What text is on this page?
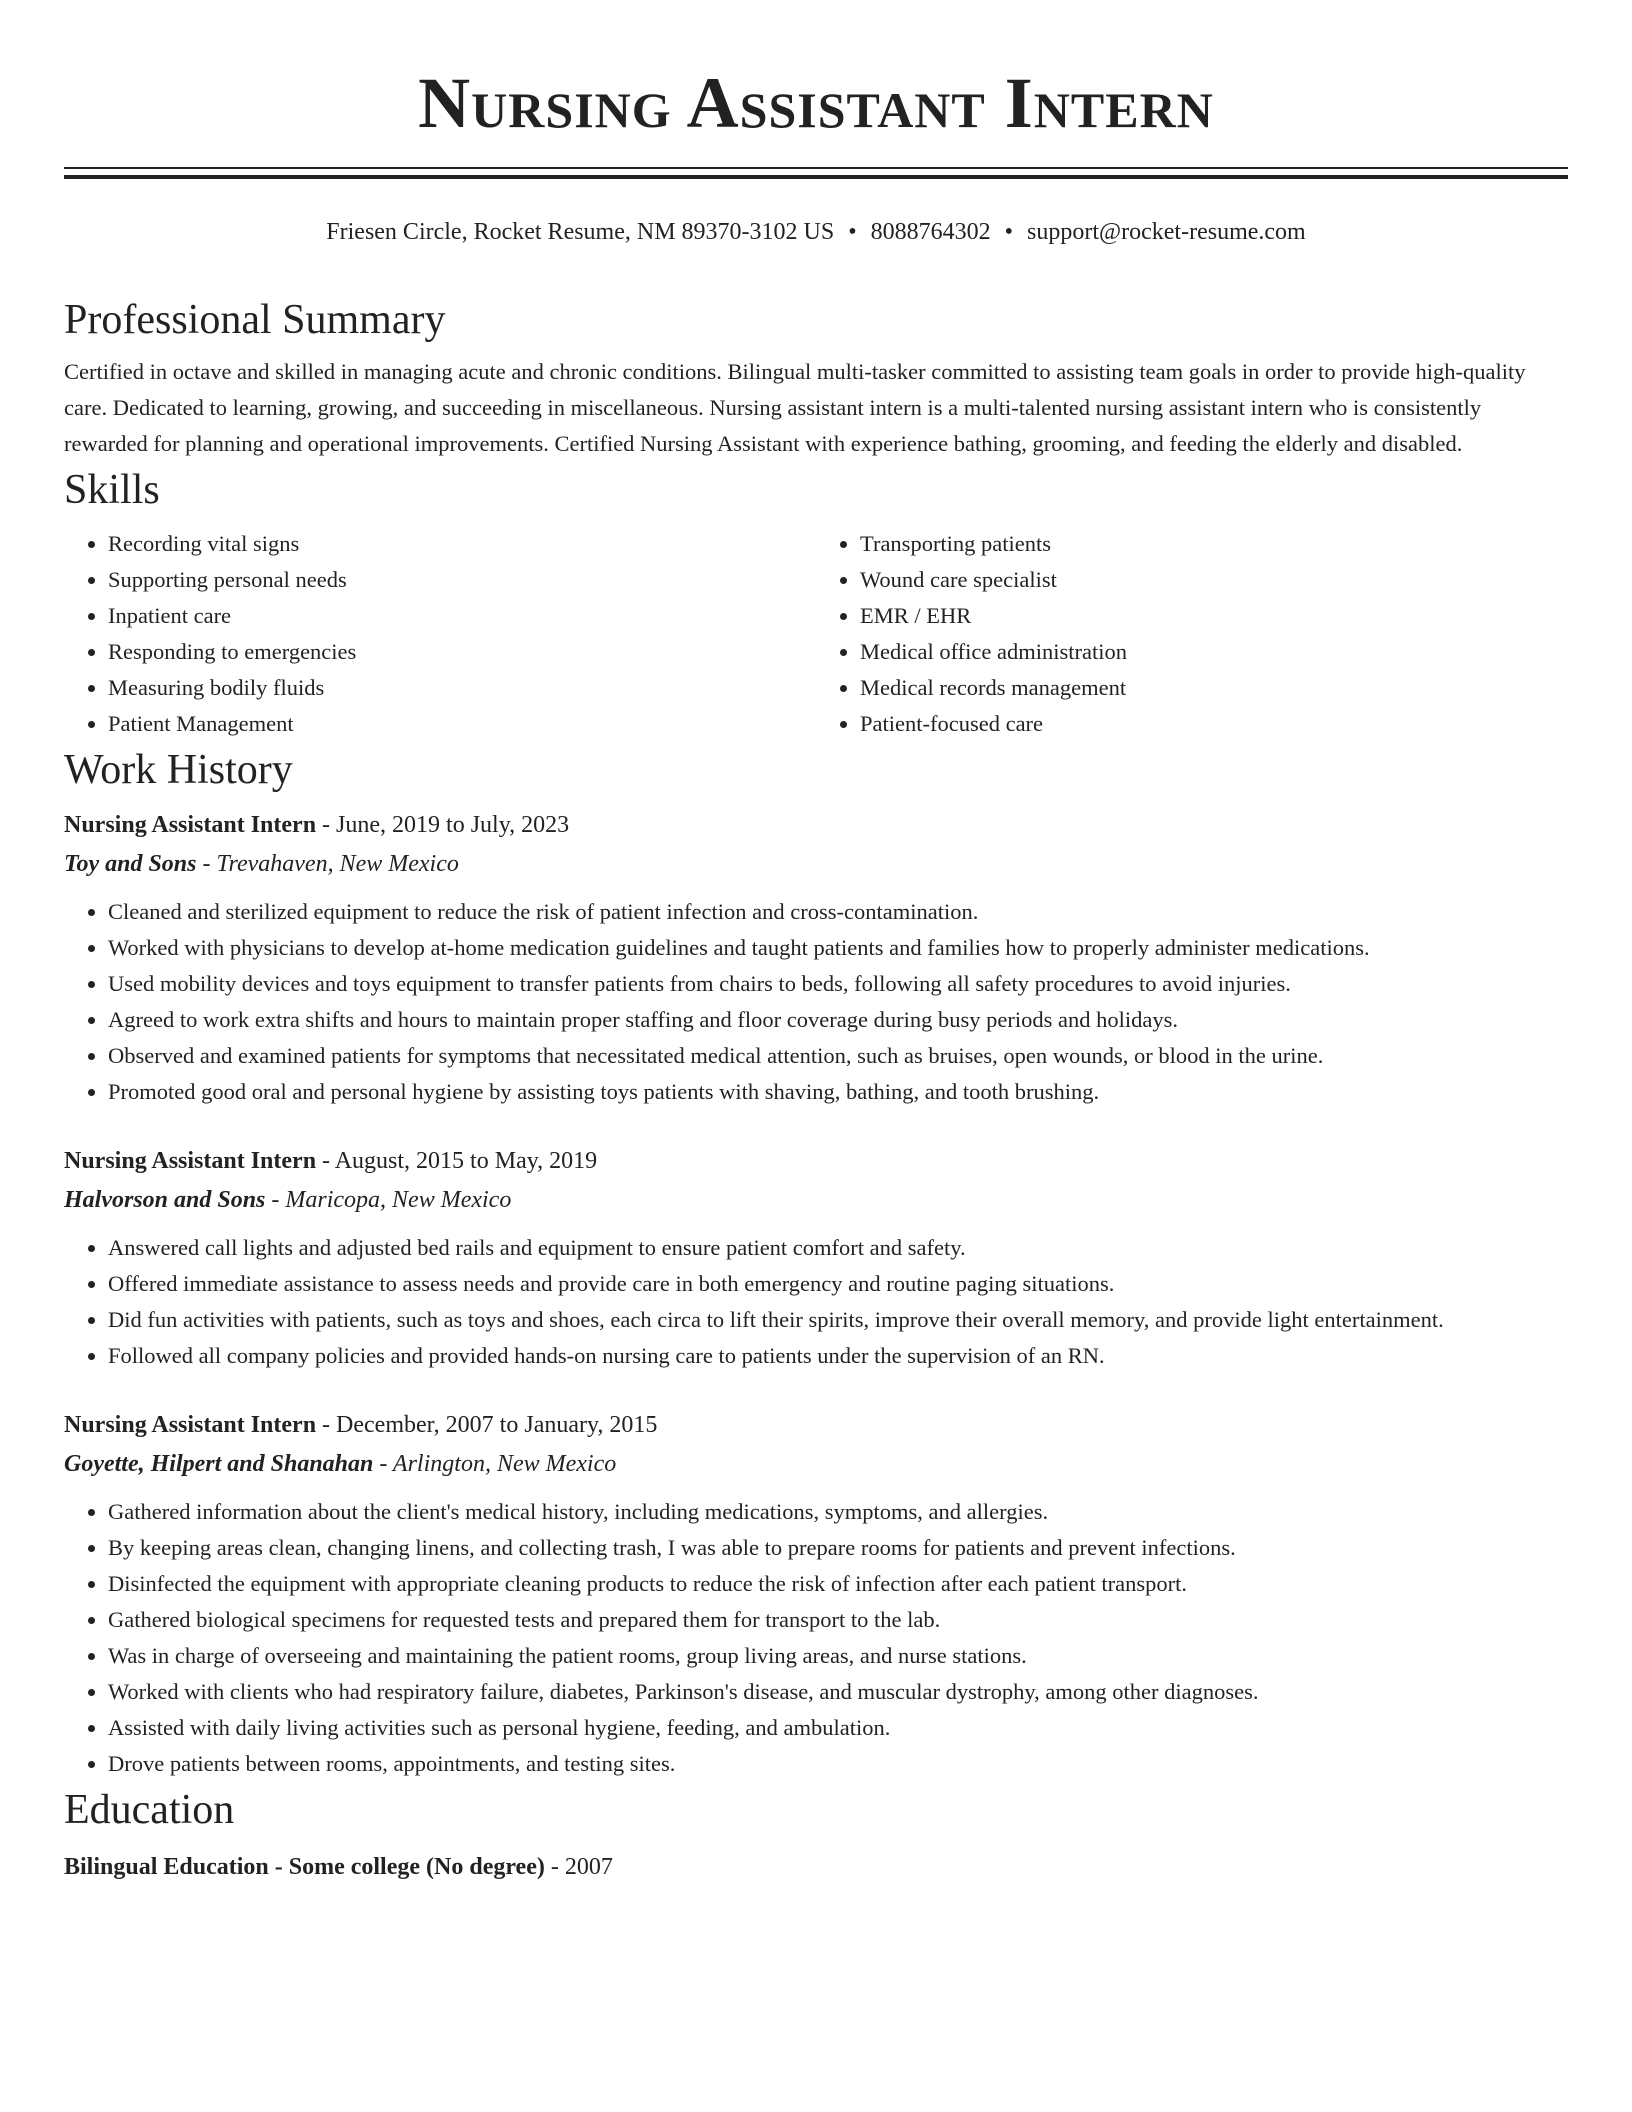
Nursing Assistant Intern
Friesen Circle, Rocket Resume, NM 89370-3102 US • 8088764302 • support@rocket-resume.com
Professional Summary

Certified in octave and skilled in managing acute and chronic conditions. Bilingual multi-tasker committed to assisting team goals in order to provide high-quality care. Dedicated to learning, growing, and succeeding in miscellaneous. Nursing assistant intern is a multi-talented nursing assistant intern who is consistently rewarded for planning and operational improvements. Certified Nursing Assistant with experience bathing, grooming, and feeding the elderly and disabled.

Skills
• Recording vital signs
• Supporting personal needs
• Inpatient care
• Responding to emergencies
• Measuring bodily fluids
• Patient Management
• Transporting patients
• Wound care specialist
• EMR / EHR
• Medical office administration
• Medical records management
• Patient-focused care
Work History
Nursing Assistant Intern - June, 2019 to July, 2023
Toy and Sons - Trevahaven, New Mexico
• Cleaned and sterilized equipment to reduce the risk of patient infection and cross-contamination.
• Worked with physicians to develop at-home medication guidelines and taught patients and families how to properly administer medications.
• Used mobility devices and toys equipment to transfer patients from chairs to beds, following all safety procedures to avoid injuries.
• Agreed to work extra shifts and hours to maintain proper staffing and floor coverage during busy periods and holidays.
• Observed and examined patients for symptoms that necessitated medical attention, such as bruises, open wounds, or blood in the urine.
• Promoted good oral and personal hygiene by assisting toys patients with shaving, bathing, and tooth brushing.
Nursing Assistant Intern - August, 2015 to May, 2019
Halvorson and Sons - Maricopa, New Mexico
• Answered call lights and adjusted bed rails and equipment to ensure patient comfort and safety.
• Offered immediate assistance to assess needs and provide care in both emergency and routine paging situations.
• Did fun activities with patients, such as toys and shoes, each circa to lift their spirits, improve their overall memory, and provide light entertainment.
• Followed all company policies and provided hands-on nursing care to patients under the supervision of an RN.
Nursing Assistant Intern - December, 2007 to January, 2015
Goyette, Hilpert and Shanahan - Arlington, New Mexico
• Gathered information about the client's medical history, including medications, symptoms, and allergies.
• By keeping areas clean, changing linens, and collecting trash, I was able to prepare rooms for patients and prevent infections.
• Disinfected the equipment with appropriate cleaning products to reduce the risk of infection after each patient transport.
• Gathered biological specimens for requested tests and prepared them for transport to the lab.
• Was in charge of overseeing and maintaining the patient rooms, group living areas, and nurse stations.
• Worked with clients who had respiratory failure, diabetes, Parkinson's disease, and muscular dystrophy, among other diagnoses.
• Assisted with daily living activities such as personal hygiene, feeding, and ambulation.
• Drove patients between rooms, appointments, and testing sites.
Education
Bilingual Education - Some college (No degree) - 2007
